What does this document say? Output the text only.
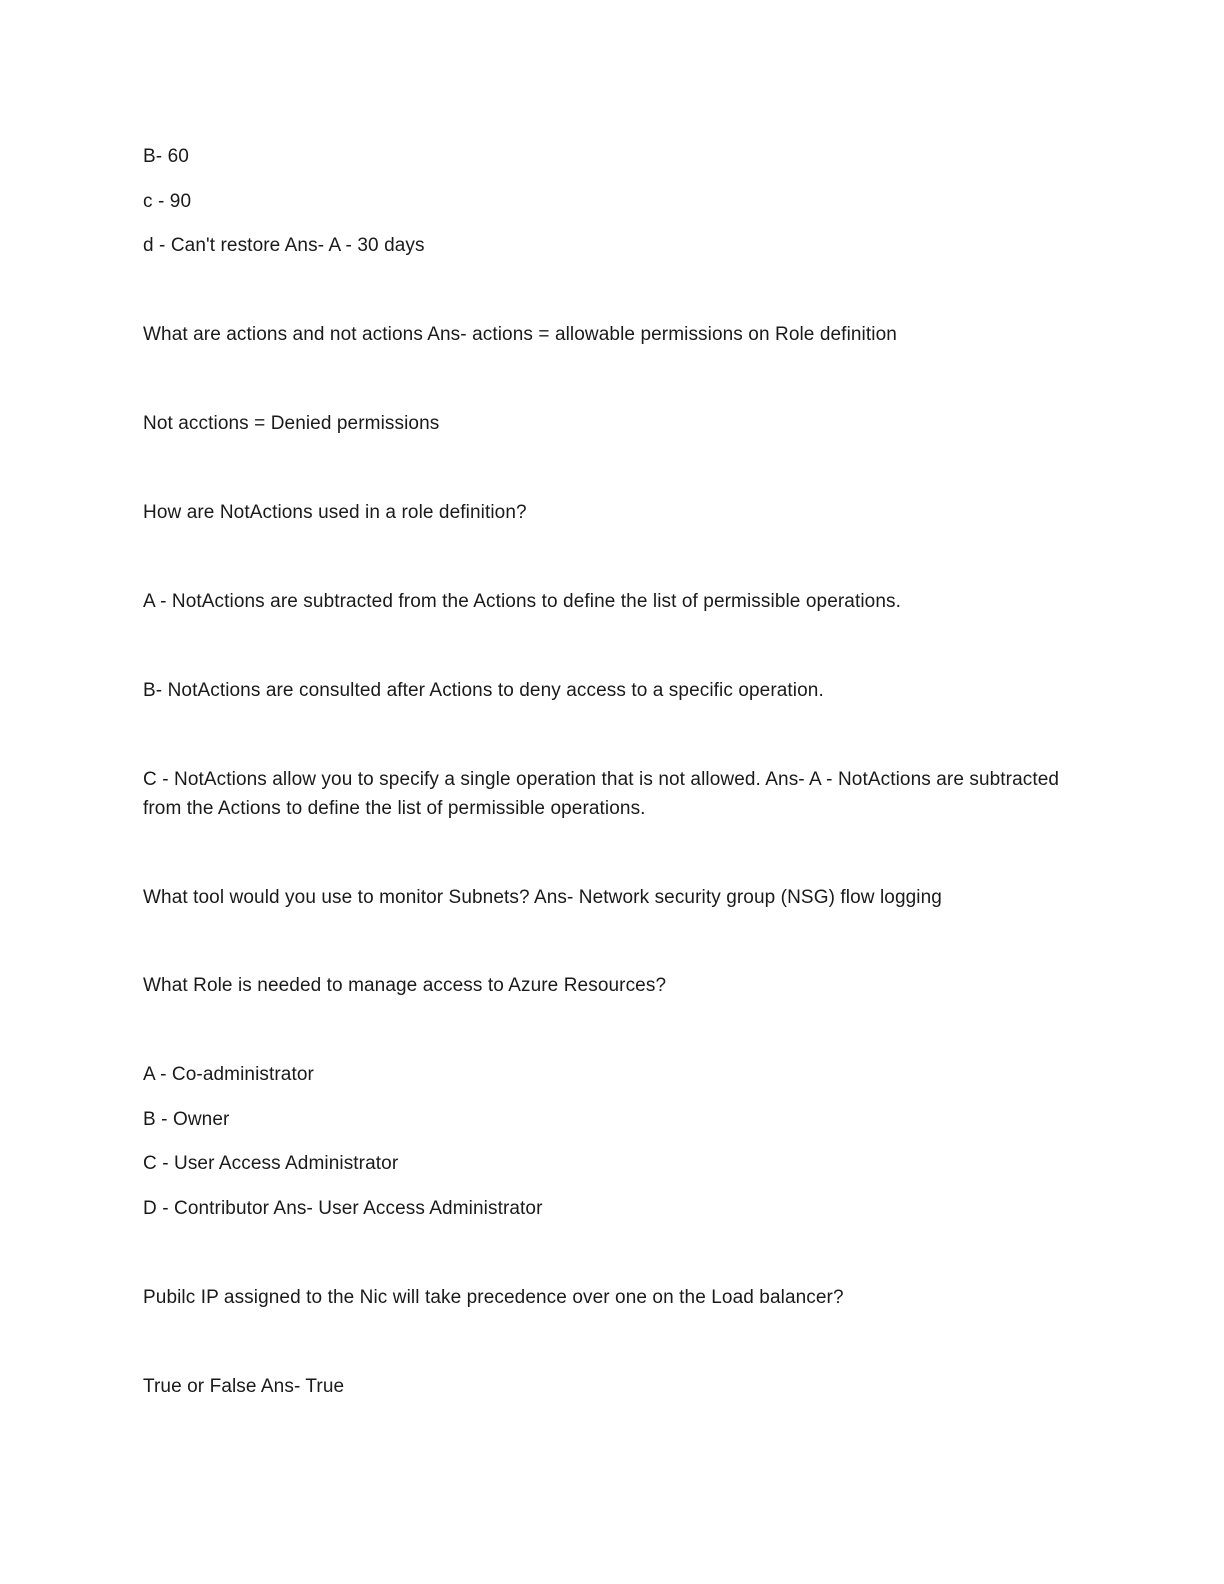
B- 60
c - 90
d - Can't restore Ans- A - 30 days
What are actions and not actions Ans- actions = allowable permissions on Role definition
Not acctions = Denied permissions
How are NotActions used in a role definition?
A - NotActions are subtracted from the Actions to define the list of permissible operations.
B- NotActions are consulted after Actions to deny access to a specific operation.
C - NotActions allow you to specify a single operation that is not allowed. Ans- A - NotActions are subtracted
from the Actions to define the list of permissible operations.
What tool would you use to monitor Subnets? Ans- Network security group (NSG) flow logging
What Role is needed to manage access to Azure Resources?
A - Co-administrator
B - Owner
C - User Access Administrator
D - Contributor Ans- User Access Administrator
Pubilc IP assigned to the Nic will take precedence over one on the Load balancer?
True or False Ans- True
